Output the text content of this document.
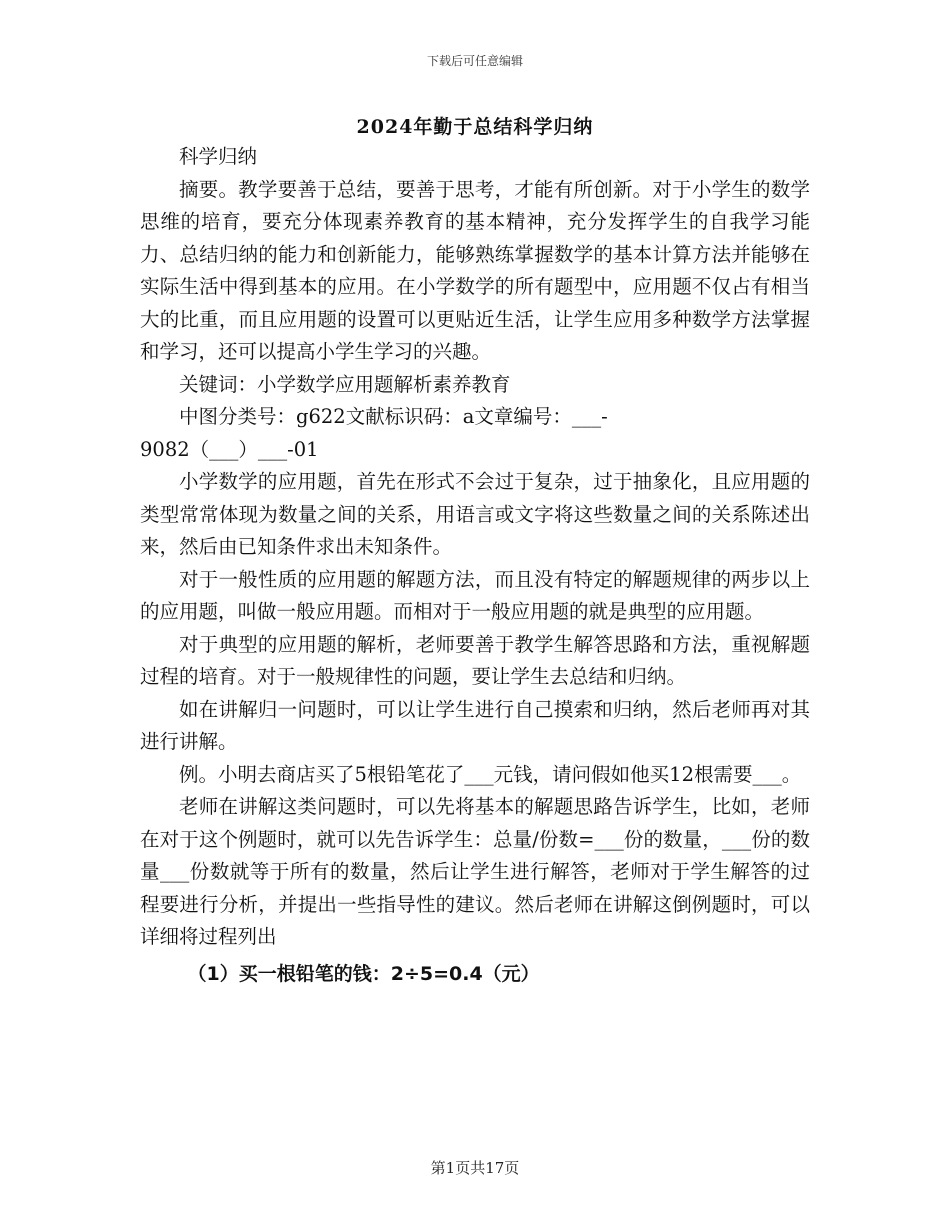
下载后可任意编辑
2024年勤于总结科学归纳

科学归纳

摘要。教学要善于总结，要善于思考，才能有所创新。对于小学生的数学思维的培育，要充分体现素养教育的基本精神，充分发挥学生的自我学习能力、总结归纳的能力和创新能力，能够熟练掌握数学的基本计算方法并能够在实际生活中得到基本的应用。在小学数学的所有题型中，应用题不仅占有相当大的比重，而且应用题的设置可以更贴近生活，让学生应用多种数学方法掌握和学习，还可以提高小学生学习的兴趣。

关键词：小学数学应用题解析素养教育

中图分类号：g622文献标识码：a文章编号：___-

9082（___）___-01

小学数学的应用题，首先在形式不会过于复杂，过于抽象化，且应用题的类型常常体现为数量之间的关系，用语言或文字将这些数量之间的关系陈述出来，然后由已知条件求出未知条件。

对于一般性质的应用题的解题方法，而且没有特定的解题规律的两步以上的应用题，叫做一般应用题。而相对于一般应用题的就是典型的应用题。

对于典型的应用题的解析，老师要善于教学生解答思路和方法，重视解题过程的培育。对于一般规律性的问题，要让学生去总结和归纳。

如在讲解归一问题时，可以让学生进行自己摸索和归纳，然后老师再对其进行讲解。

例。小明去商店买了5根铅笔花了___元钱，请问假如他买12根需要___。

老师在讲解这类问题时，可以先将基本的解题思路告诉学生，比如，老师在对于这个例题时，就可以先告诉学生：总量/份数=___份的数量，___份的数量___份数就等于所有的数量，然后让学生进行解答，老师对于学生解答的过程要进行分析，并提出一些指导性的建议。然后老师在讲解这倒例题时，可以详细将过程列出

（1）买一根铅笔的钱：2÷5=0.4（元）

第1页共17页
